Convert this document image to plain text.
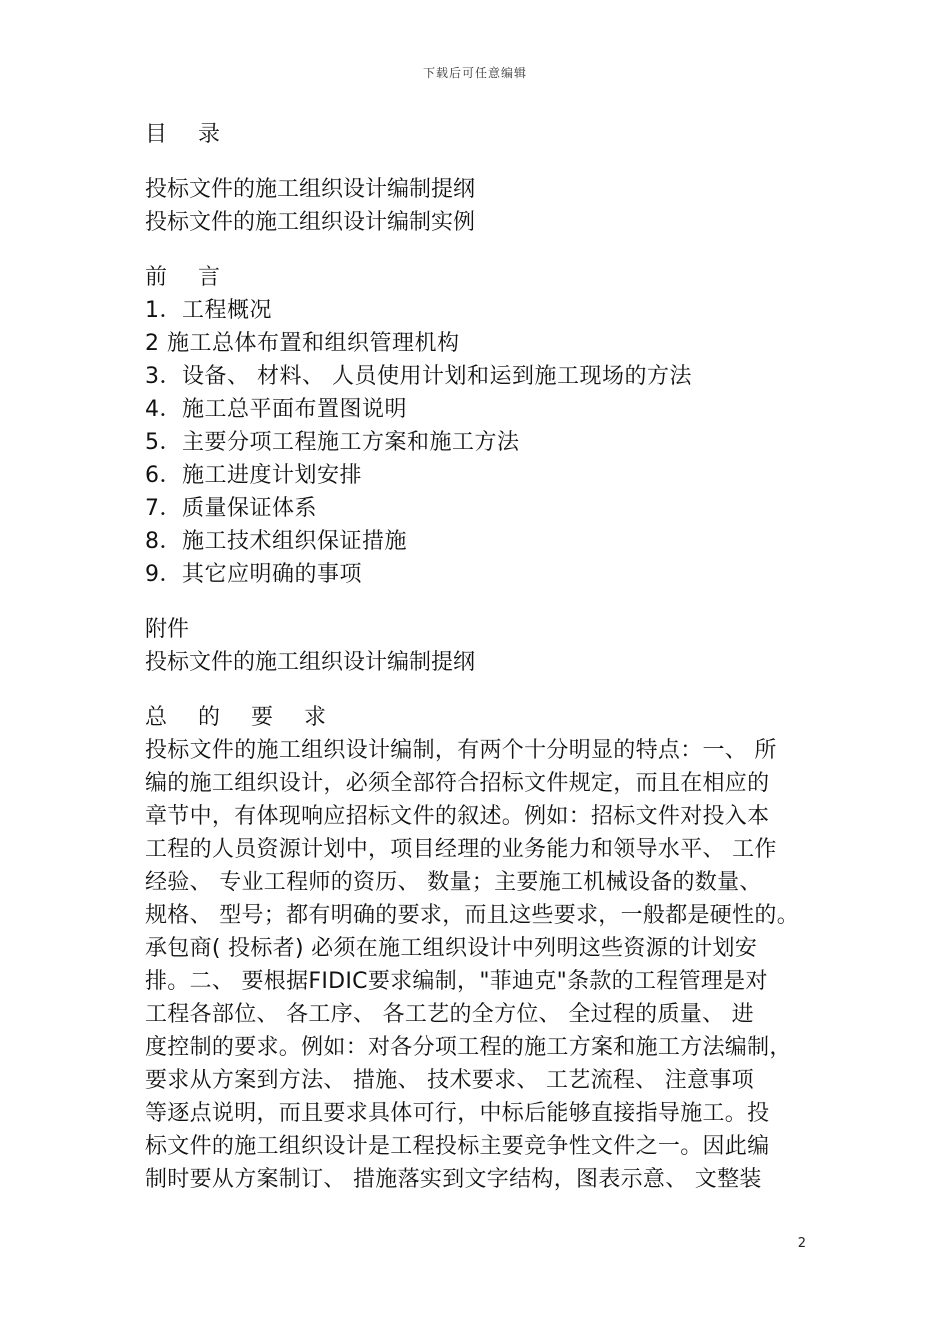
下载后可任意编辑
目 录
投标文件的施工组织设计编制提纲
投标文件的施工组织设计编制实例
前 言
1．工程概况
2 施工总体布置和组织管理机构
3．设备、 材料、 人员使用计划和运到施工现场的方法
4．施工总平面布置图说明
5．主要分项工程施工方案和施工方法
6．施工进度计划安排
7．质量保证体系
8．施工技术组织保证措施
9．其它应明确的事项
附件
投标文件的施工组织设计编制提纲
总 的 要 求
投标文件的施工组织设计编制，有两个十分明显的特点：一、 所
编的施工组织设计，必须全部符合招标文件规定，而且在相应的
章节中，有体现响应招标文件的叙述。例如：招标文件对投入本
工程的人员资源计划中，项目经理的业务能力和领导水平、 工作
经验、 专业工程师的资历、 数量；主要施工机械设备的数量、
规格、 型号；都有明确的要求，而且这些要求，一般都是硬性的。
承包商( 投标者) 必须在施工组织设计中列明这些资源的计划安
排。二、 要根据FIDIC要求编制，"菲迪克"条款的工程管理是对
工程各部位、 各工序、 各工艺的全方位、 全过程的质量、 进
度控制的要求。例如：对各分项工程的施工方案和施工方法编制，
要求从方案到方法、 措施、 技术要求、 工艺流程、 注意事项
等逐点说明，而且要求具体可行，中标后能够直接指导施工。投
标文件的施工组织设计是工程投标主要竞争性文件之一。因此编
制时要从方案制订、 措施落实到文字结构，图表示意、 文整装
2
